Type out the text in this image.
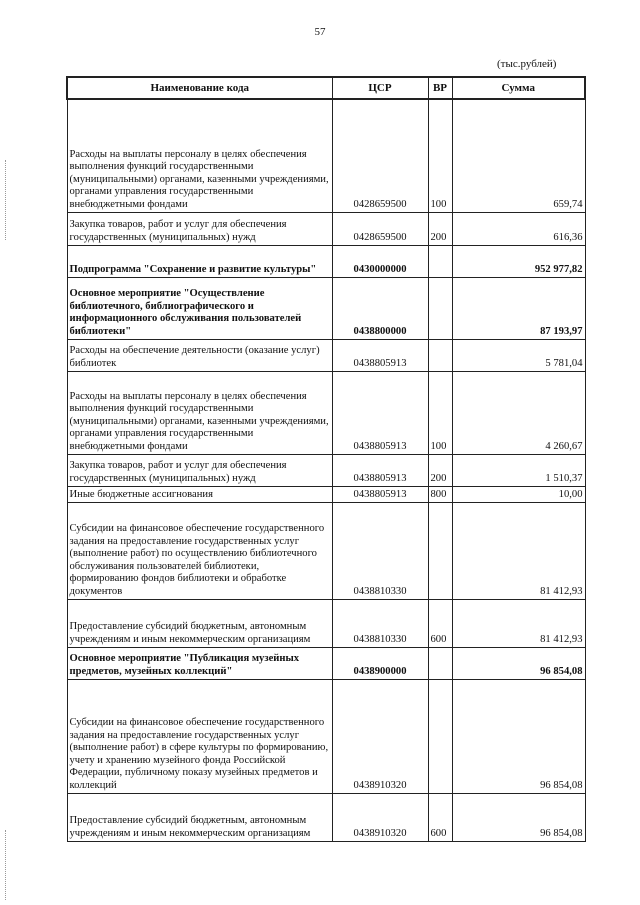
57
(тыс.рублей)
Наименование кода	ЦСР	ВР	Сумма
Расходы на выплаты персоналу в целях обеспечения выполнения функций государственными (муниципальными) органами, казенными учреждениями, органами управления государственными внебюджетными фондами	0428659500	100	659,74
Закупка товаров, работ и услуг для обеспечения государственных (муниципальных) нужд	0428659500	200	616,36
Подпрограмма "Сохранение и развитие культуры"	0430000000		952 977,82
Основное мероприятие "Осуществление библиотечного, библиографического и информационного обслуживания пользователей библиотеки"	0438800000		87 193,97
Расходы на обеспечение деятельности (оказание услуг) библиотек	0438805913		5 781,04
Расходы на выплаты персоналу в целях обеспечения выполнения функций государственными (муниципальными) органами, казенными учреждениями, органами управления государственными внебюджетными фондами	0438805913	100	4 260,67
Закупка товаров, работ и услуг для обеспечения государственных (муниципальных) нужд	0438805913	200	1 510,37
Иные бюджетные ассигнования	0438805913	800	10,00
Субсидии на финансовое обеспечение государственного задания на предоставление государственных услуг (выполнение работ) по осуществлению библиотечного обслуживания пользователей библиотеки, формированию фондов библиотеки и обработке документов	0438810330		81 412,93
Предоставление субсидий бюджетным, автономным учреждениям и иным некоммерческим организациям	0438810330	600	81 412,93
Основное мероприятие "Публикация музейных предметов, музейных коллекций"	0438900000		96 854,08
Субсидии на финансовое обеспечение государственного задания на предоставление государственных услуг (выполнение работ) в сфере культуры по формированию, учету и хранению музейного фонда Российской Федерации, публичному показу музейных предметов и коллекций	0438910320		96 854,08
Предоставление субсидий бюджетным, автономным учреждениям и иным некоммерческим организациям	0438910320	600	96 854,08
